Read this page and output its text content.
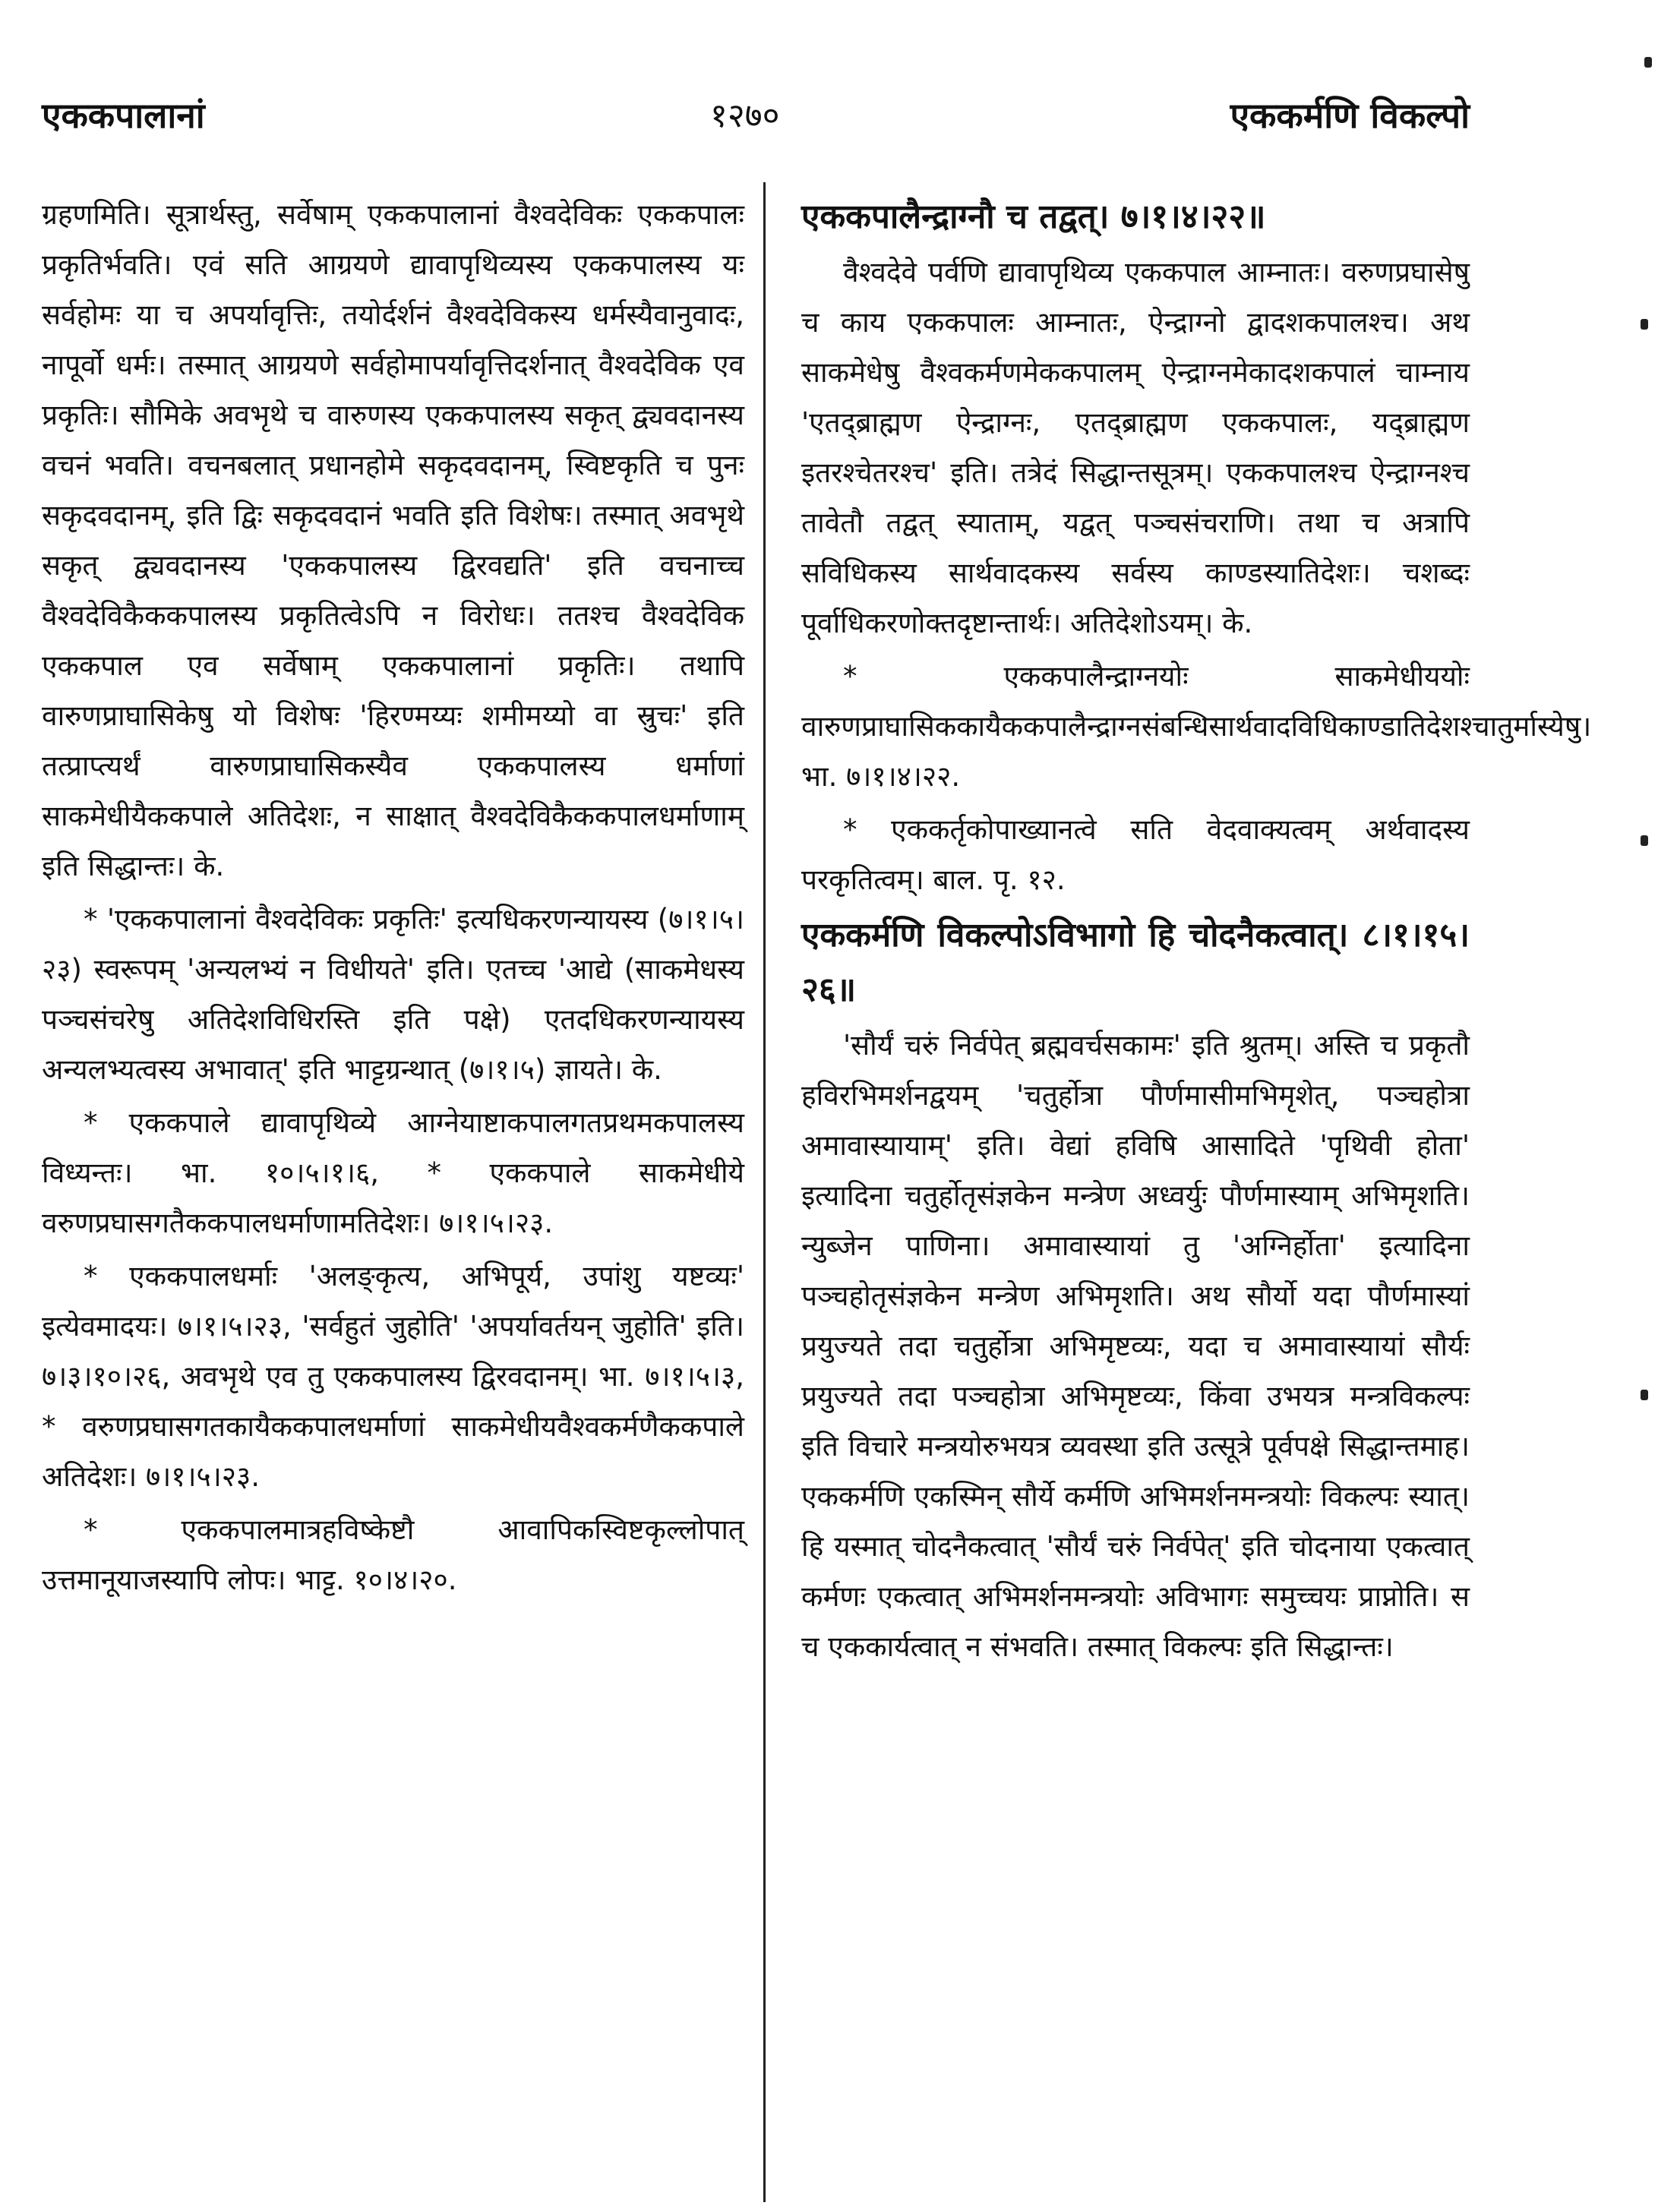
एककपालानां	१२७०	एककर्मणि विकल्पो

ग्रहणमिति। सूत्रार्थस्तु, सर्वेषाम् एककपालानां वैश्वदेविकः एककपालः प्रकृतिर्भवति। एवं सति आग्रयणे द्यावापृथिव्यस्य एककपालस्य यः सर्वहोमः या च अपर्यावृत्तिः, तयोर्दर्शनं वैश्वदेविकस्य धर्मस्यैवानुवादः, नापूर्वो धर्मः। तस्मात् आग्रयणे सर्वहोमापर्यावृत्तिदर्शनात् वैश्वदेविक एव प्रकृतिः। सौमिके अवभृथे च वारुणस्य एककपालस्य सकृत् द्व्यवदानस्य वचनं भवति। वचनबलात् प्रधानहोमे सकृदवदानम्, स्विष्टकृति च पुनः सकृदवदानम्, इति द्विः सकृदवदानं भवति इति विशेषः। तस्मात् अवभृथे सकृत् द्व्यवदानस्य 'एककपालस्य द्विरवद्यति' इति वचनाच्च वैश्वदेविकैककपालस्य प्रकृतित्वेऽपि न विरोधः। ततश्च वैश्वदेविक एककपाल एव सर्वेषाम् एककपालानां प्रकृतिः। तथापि वारुणप्राघासिकेषु यो विशेषः 'हिरण्मय्यः शमीमय्यो वा स्रुचः' इति तत्प्राप्त्यर्थं वारुणप्राघासिकस्यैव एककपालस्य धर्माणां साकमेधीयैककपाले अतिदेशः, न साक्षात् वैश्वदेविकैककपालधर्माणाम् इति सिद्धान्तः। के.

* 'एककपालानां वैश्वदेविकः प्रकृतिः' इत्यधिकरणन्यायस्य (७।१।५।२३) स्वरूपम् 'अन्यलभ्यं न विधीयते' इति। एतच्च 'आद्ये (साकमेधस्य पञ्चसंचरेषु अतिदेशविधिरस्ति इति पक्षे) एतदधिकरणन्यायस्य अन्यलभ्यत्वस्य अभावात्' इति भाट्टग्रन्थात् (७।१।५) ज्ञायते। के.

* एककपाले द्यावापृथिव्ये आग्नेयाष्टाकपालगतप्रथमकपालस्य विध्यन्तः। भा. १०।५।१।६, * एककपाले साकमेधीये वरुणप्रघासगतैककपालधर्माणामतिदेशः। ७।१।५।२३.

* एककपालधर्माः 'अलङ्कृत्य, अभिपूर्य, उपांशु यष्टव्यः' इत्येवमादयः। ७।१।५।२३, 'सर्वहुतं जुहोति' 'अपर्यावर्तयन् जुहोति' इति। ७।३।१०।२६, अवभृथे एव तु एककपालस्य द्विरवदानम्। भा. ७।१।५।३, * वरुणप्रघासगतकायैककपालधर्माणां साकमेधीयवैश्वकर्मणैककपाले अतिदेशः। ७।१।५।२३.

* एककपालमात्रहविष्केष्टौ आवापिकस्विष्टकृल्लोपात् उत्तमानूयाजस्यापि लोपः। भाट्ट. १०।४।२०.

एककपालैन्द्राग्नौ च तद्वत्। ७।१।४।२२॥

वैश्वदेवे पर्वणि द्यावापृथिव्य एककपाल आम्नातः। वरुणप्रघासेषु च काय एककपालः आम्नातः, ऐन्द्राग्नो द्वादशकपालश्च। अथ साकमेधेषु वैश्वकर्मणमेककपालम् ऐन्द्राग्नमेकादशकपालं चाम्नाय 'एतद्ब्राह्मण ऐन्द्राग्नः, एतद्ब्राह्मण एककपालः, यद्ब्राह्मण इतरश्चेतरश्च' इति। तत्रेदं सिद्धान्तसूत्रम्। एककपालश्च ऐन्द्राग्नश्च तावेतौ तद्वत् स्याताम्, यद्वत् पञ्चसंचराणि। तथा च अत्रापि सविधिकस्य सार्थवादकस्य सर्वस्य काण्डस्यातिदेशः। चशब्दः पूर्वाधिकरणोक्तदृष्टान्तार्थः। अतिदेशोऽयम्। के.

* एककपालैन्द्राग्नयोः साकमेधीययोः वारुणप्राघासिककायैककपालैन्द्राग्नसंबन्धिसार्थवादविधिकाण्डातिदेशश्चातुर्मास्येषु। भा. ७।१।४।२२.

* एककर्तृकोपाख्यानत्वे सति वेदवाक्यत्वम् अर्थवादस्य परकृतित्वम्। बाल. पृ. १२.

एककर्मणि विकल्पोऽविभागो हि चोदनैकत्वात्। ८।१।१५।२६॥

'सौर्यं चरुं निर्वपेत् ब्रह्मवर्चसकामः' इति श्रुतम्। अस्ति च प्रकृतौ हविरभिमर्शनद्वयम् 'चतुर्होत्रा पौर्णमासीमभिमृशेत्, पञ्चहोत्रा अमावास्यायाम्' इति। वेद्यां हविषि आसादिते 'पृथिवी होता' इत्यादिना चतुर्होतृसंज्ञकेन मन्त्रेण अध्वर्युः पौर्णमास्याम् अभिमृशति। न्युब्जेन पाणिना। अमावास्यायां तु 'अग्निर्होता' इत्यादिना पञ्चहोतृसंज्ञकेन मन्त्रेण अभिमृशति। अथ सौर्यो यदा पौर्णमास्यां प्रयुज्यते तदा चतुर्होत्रा अभिमृष्टव्यः, यदा च अमावास्यायां सौर्यः प्रयुज्यते तदा पञ्चहोत्रा अभिमृष्टव्यः, किंवा उभयत्र मन्त्रविकल्पः इति विचारे मन्त्रयोरुभयत्र व्यवस्था इति उत्सूत्रे पूर्वपक्षे सिद्धान्तमाह। एककर्मणि एकस्मिन् सौर्ये कर्मणि अभिमर्शनमन्त्रयोः विकल्पः स्यात्। हि यस्मात् चोदनैकत्वात् 'सौर्यं चरुं निर्वपेत्' इति चोदनाया एकत्वात् कर्मणः एकत्वात् अभिमर्शनमन्त्रयोः अविभागः समुच्चयः प्राप्नोति। स च एककार्यत्वात् न संभवति। तस्मात् विकल्पः इति सिद्धान्तः।
